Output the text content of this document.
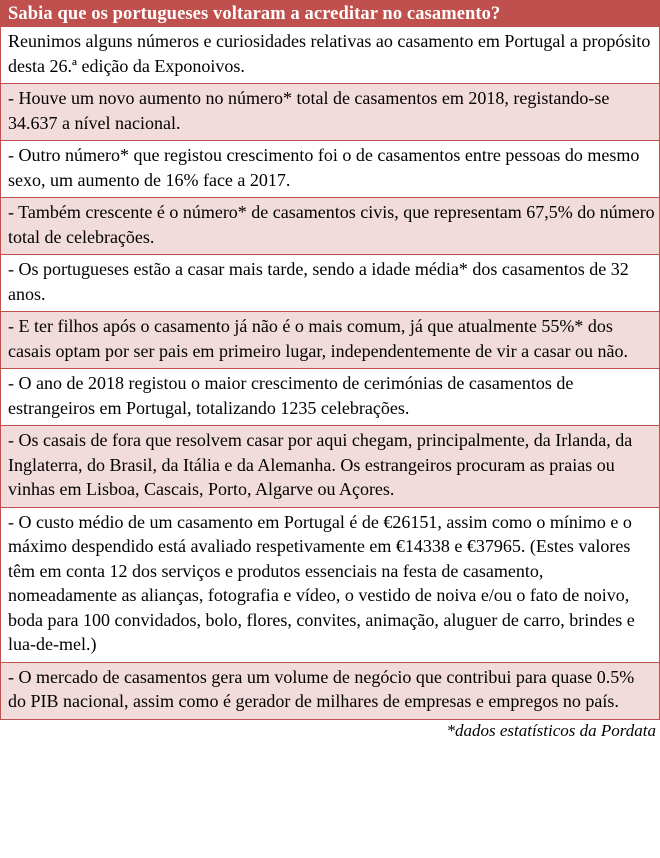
Sabia que os portugueses voltaram a acreditar no casamento?
Reunimos alguns números e curiosidades relativas ao casamento em Portugal a propósito desta 26.ª edição da Exponoivos.
- Houve um novo aumento no número* total de casamentos em 2018, registando-se 34.637 a nível nacional.
- Outro número* que registou crescimento foi o de casamentos entre pessoas do mesmo sexo, um aumento de 16% face a 2017.
- Também crescente é o número* de casamentos civis, que representam 67,5% do número total de celebrações.
- Os portugueses estão a casar mais tarde, sendo a idade média* dos casamentos de 32 anos.
- E ter filhos após o casamento já não é o mais comum, já que atualmente 55%* dos casais optam por ser pais em primeiro lugar, independentemente de vir a casar ou não.
- O ano de 2018 registou o maior crescimento de cerimónias de casamentos de estrangeiros em Portugal, totalizando 1235 celebrações.
- Os casais de fora que resolvem casar por aqui chegam, principalmente, da Irlanda, da Inglaterra, do Brasil, da Itália e da Alemanha. Os estrangeiros procuram as praias ou vinhas em Lisboa, Cascais, Porto, Algarve ou Açores.
- O custo médio de um casamento em Portugal é de €26151, assim como o mínimo e o máximo despendido está avaliado respetivamente em €14338 e €37965. (Estes valores têm em conta 12 dos serviços e produtos essenciais na festa de casamento, nomeadamente as alianças, fotografia e vídeo, o vestido de noiva e/ou o fato de noivo, boda para 100 convidados, bolo, flores, convites, animação, aluguer de carro, brindes e lua-de-mel.)
- O mercado de casamentos gera um volume de negócio que contribui para quase 0.5% do PIB nacional, assim como é gerador de milhares de empresas e empregos no país.
*dados estatísticos da Pordata
